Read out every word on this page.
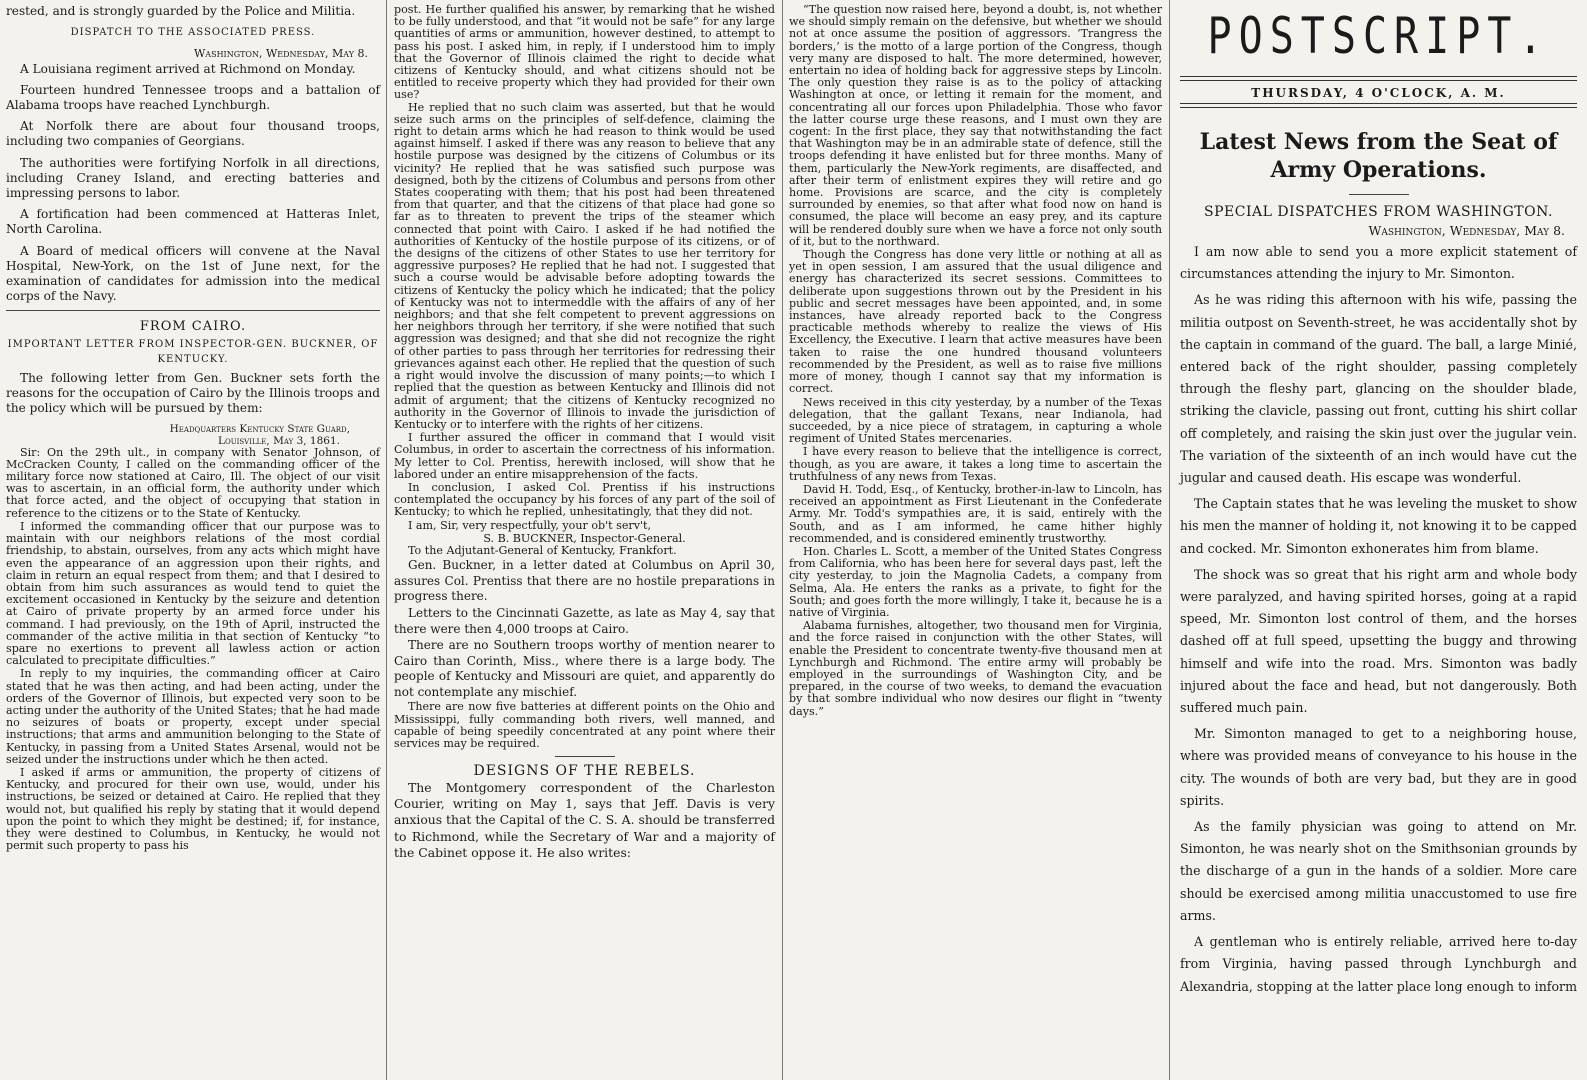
rested, and is strongly guarded by the Police and Militia.

DISPATCH TO THE ASSOCIATED PRESS.
Washington, Wednesday, May 8.

A Louisiana regiment arrived at Richmond on Monday.

Fourteen hundred Tennessee troops and a battalion of Alabama troops have reached Lynchburgh.

At Norfolk there are about four thousand troops, including two companies of Georgians.

The authorities were fortifying Norfolk in all directions, including Craney Island, and erecting batteries and impressing persons to labor.

A fortification had been commenced at Hatteras Inlet, North Carolina.

A Board of medical officers will convene at the Naval Hospital, New-York, on the 1st of June next, for the examination of candidates for admission into the medical corps of the Navy.

FROM CAIRO.
IMPORTANT LETTER FROM INSPECTOR-GEN. BUCKNER, OF KENTUCKY.

The following letter from Gen. Buckner sets forth the reasons for the occupation of Cairo by the Illinois troops and the policy which will be pursued by them:

Headquarters Kentucky State Guard,
Louisville, May 3, 1861.

Sir: On the 29th ult., in company with Senator Johnson, of McCracken County, I called on the commanding officer of the military force now stationed at Cairo, Ill. The object of our visit was to ascertain, in an official form, the authority under which that force acted, and the object of occupying that station in reference to the citizens or to the State of Kentucky.

I informed the commanding officer that our purpose was to maintain with our neighbors relations of the most cordial friendship, to abstain, ourselves, from any acts which might have even the appearance of an aggression upon their rights, and claim in return an equal respect from them; and that I desired to obtain from him such assurances as would tend to quiet the excitement occasioned in Kentucky by the seizure and detention at Cairo of private property by an armed force under his command. I had previously, on the 19th of April, instructed the commander of the active militia in that section of Kentucky “to spare no exertions to prevent all lawless action or action calculated to precipitate difficulties.”

In reply to my inquiries, the commanding officer at Cairo stated that he was then acting, and had been acting, under the orders of the Governor of Illinois, but expected very soon to be acting under the authority of the United States; that he had made no seizures of boats or property, except under special instructions; that arms and ammunition belonging to the State of Kentucky, in passing from a United States Arsenal, would not be seized under the instructions under which he then acted.

I asked if arms or ammunition, the property of citizens of Kentucky, and procured for their own use, would, under his instructions, be seized or detained at Cairo. He replied that they would not, but qualified his reply by stating that it would depend upon the point to which they might be destined; if, for instance, they were destined to Columbus, in Kentucky, he would not permit such property to pass his

post. He further qualified his answer, by remarking that he wished to be fully understood, and that “it would not be safe” for any large quantities of arms or ammunition, however destined, to attempt to pass his post. I asked him, in reply, if I understood him to imply that the Governor of Illinois claimed the right to decide what citizens of Kentucky should, and what citizens should not be entitled to receive property which they had provided for their own use?

He replied that no such claim was asserted, but that he would seize such arms on the principles of self-defence, claiming the right to detain arms which he had reason to think would be used against himself. I asked if there was any reason to believe that any hostile purpose was designed by the citizens of Columbus or its vicinity? He replied that he was satisfied such purpose was designed, both by the citizens of Columbus and persons from other States cooperating with them; that his post had been threatened from that quarter, and that the citizens of that place had gone so far as to threaten to prevent the trips of the steamer which connected that point with Cairo. I asked if he had notified the authorities of Kentucky of the hostile purpose of its citizens, or of the designs of the citizens of other States to use her territory for aggressive purposes? He replied that he had not. I suggested that such a course would be advisable before adopting towards the citizens of Kentucky the policy which he indicated; that the policy of Kentucky was not to intermeddle with the affairs of any of her neighbors; and that she felt competent to prevent aggressions on her neighbors through her territory, if she were notified that such aggression was designed; and that she did not recognize the right of other parties to pass through her territories for redressing their grievances against each other. He replied that the question of such a right would involve the discussion of many points;—to which I replied that the question as between Kentucky and Illinois did not admit of argument; that the citizens of Kentucky recognized no authority in the Governor of Illinois to invade the jurisdiction of Kentucky or to interfere with the rights of her citizens.

I further assured the officer in command that I would visit Columbus, in order to ascertain the correctness of his information. My letter to Col. Prentiss, herewith inclosed, will show that he labored under an entire misapprehension of the facts.

In conclusion, I asked Col. Prentiss if his instructions contemplated the occupancy by his forces of any part of the soil of Kentucky; to which he replied, unhesitatingly, that they did not.

I am, Sir, very respectfully, your ob't serv't,

S. B. BUCKNER, Inspector-General.

To the Adjutant-General of Kentucky, Frankfort.

Gen. Buckner, in a letter dated at Columbus on April 30, assures Col. Prentiss that there are no hostile preparations in progress there.

Letters to the Cincinnati Gazette, as late as May 4, say that there were then 4,000 troops at Cairo.

There are no Southern troops worthy of mention nearer to Cairo than Corinth, Miss., where there is a large body. The people of Kentucky and Missouri are quiet, and apparently do not contemplate any mischief.

There are now five batteries at different points on the Ohio and Mississippi, fully commanding both rivers, well manned, and capable of being speedily concentrated at any point where their services may be required.

DESIGNS OF THE REBELS.

The Montgomery correspondent of the Charleston Courier, writing on May 1, says that Jeff. Davis is very anxious that the Capital of the C. S. A. should be transferred to Richmond, while the Secretary of War and a majority of the Cabinet oppose it. He also writes:

“The question now raised here, beyond a doubt, is, not whether we should simply remain on the defensive, but whether we should not at once assume the position of aggressors. ‘Trangress the borders,’ is the motto of a large portion of the Congress, though very many are disposed to halt. The more determined, however, entertain no idea of holding back for aggressive steps by Lincoln. The only question they raise is as to the policy of attacking Washington at once, or letting it remain for the moment, and concentrating all our forces upon Philadelphia. Those who favor the latter course urge these reasons, and I must own they are cogent: In the first place, they say that notwithstanding the fact that Washington may be in an admirable state of defence, still the troops defending it have enlisted but for three months. Many of them, particularly the New-York regiments, are disaffected, and after their term of enlistment expires they will retire and go home. Provisions are scarce, and the city is completely surrounded by enemies, so that after what food now on hand is consumed, the place will become an easy prey, and its capture will be rendered doubly sure when we have a force not only south of it, but to the northward.

Though the Congress has done very little or nothing at all as yet in open session, I am assured that the usual diligence and energy has characterized its secret sessions. Committees to deliberate upon suggestions thrown out by the President in his public and secret messages have been appointed, and, in some instances, have already reported back to the Congress practicable methods whereby to realize the views of His Excellency, the Executive. I learn that active measures have been taken to raise the one hundred thousand volunteers recommended by the President, as well as to raise five millions more of money, though I cannot say that my information is correct.

News received in this city yesterday, by a number of the Texas delegation, that the gallant Texans, near Indianola, had succeeded, by a nice piece of stratagem, in capturing a whole regiment of United States mercenaries.

I have every reason to believe that the intelligence is correct, though, as you are aware, it takes a long time to ascertain the truthfulness of any news from Texas.

David H. Todd, Esq., of Kentucky, brother-in-law to Lincoln, has received an appointment as First Lieutenant in the Confederate Army. Mr. Todd's sympathies are, it is said, entirely with the South, and as I am informed, he came hither highly recommended, and is considered eminently trustworthy.

Hon. Charles L. Scott, a member of the United States Congress from California, who has been here for several days past, left the city yesterday, to join the Magnolia Cadets, a company from Selma, Ala. He enters the ranks as a private, to fight for the South; and goes forth the more willingly, I take it, because he is a native of Virginia.

Alabama furnishes, altogether, two thousand men for Virginia, and the force raised in conjunction with the other States, will enable the President to concentrate twenty-five thousand men at Lynchburgh and Richmond. The entire army will probably be employed in the surroundings of Washington City, and be prepared, in the course of two weeks, to demand the evacuation by that sombre individual who now desires our flight in “twenty days.”

POSTSCRIPT.
THURSDAY, 4 O'CLOCK, A. M.
Latest News from the Seat of Army Operations.
SPECIAL DISPATCHES FROM WASHINGTON.
Washington, Wednesday, May 8.

I am now able to send you a more explicit statement of circumstances attending the injury to Mr. Simonton.

As he was riding this afternoon with his wife, passing the militia outpost on Seventh-street, he was accidentally shot by the captain in command of the guard. The ball, a large Minié, entered back of the right shoulder, passing completely through the fleshy part, glancing on the shoulder blade, striking the clavicle, passing out front, cutting his shirt collar off completely, and raising the skin just over the jugular vein. The variation of the sixteenth of an inch would have cut the jugular and caused death. His escape was wonderful.

The Captain states that he was leveling the musket to show his men the manner of holding it, not knowing it to be capped and cocked. Mr. Simonton exhonerates him from blame.

The shock was so great that his right arm and whole body were paralyzed, and having spirited horses, going at a rapid speed, Mr. Simonton lost control of them, and the horses dashed off at full speed, upsetting the buggy and throwing himself and wife into the road. Mrs. Simonton was badly injured about the face and head, but not dangerously. Both suffered much pain.

Mr. Simonton managed to get to a neighboring house, where was provided means of conveyance to his house in the city. The wounds of both are very bad, but they are in good spirits.

As the family physician was going to attend on Mr. Simonton, he was nearly shot on the Smithsonian grounds by the discharge of a gun in the hands of a soldier. More care should be exercised among militia unaccustomed to use fire arms.

A gentleman who is entirely reliable, arrived here to-day from Virginia, having passed through Lynchburgh and Alexandria, stopping at the latter place long enough to inform
